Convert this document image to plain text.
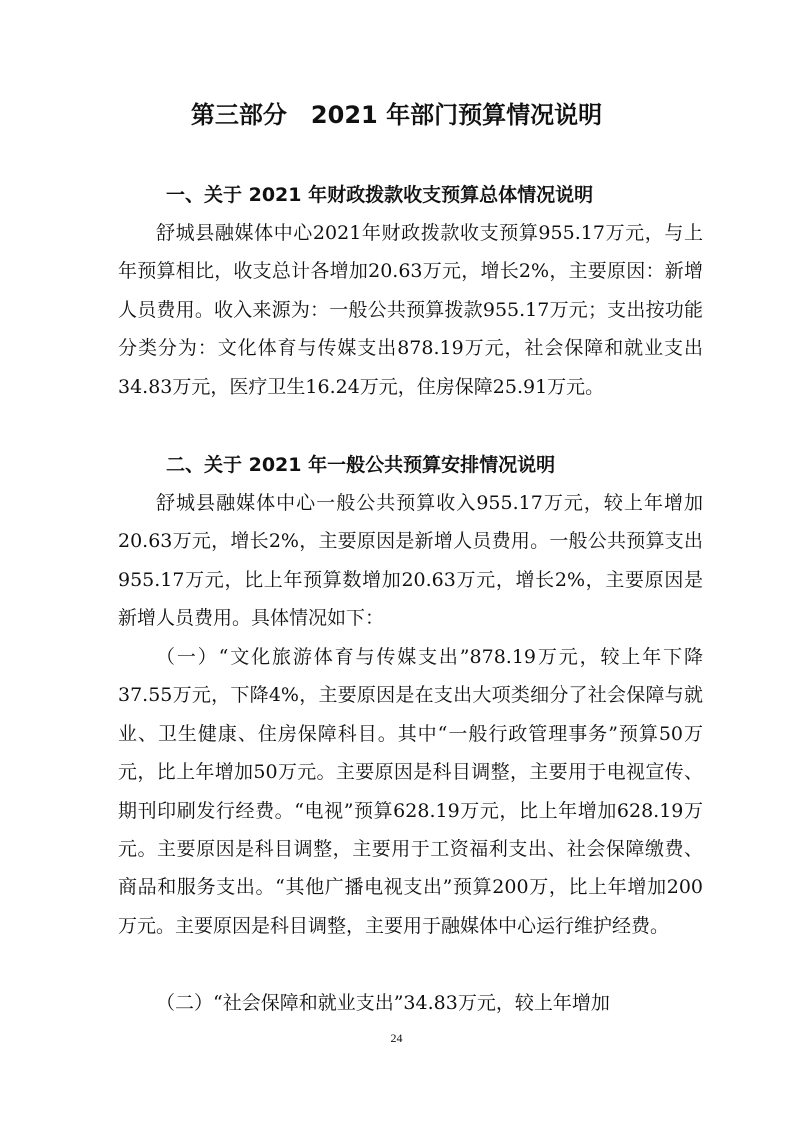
第三部分　2021 年部门预算情况说明
一、关于 2021 年财政拨款收支预算总体情况说明
舒城县融媒体中心2021年财政拨款收支预算955.17万元，与上年预算相比，收支总计各增加20.63万元，增长2%，主要原因：新增人员费用。收入来源为：一般公共预算拨款955.17万元；支出按功能分类分为：文化体育与传媒支出878.19万元，社会保障和就业支出34.83万元，医疗卫生16.24万元，住房保障25.91万元。
二、关于 2021 年一般公共预算安排情况说明
舒城县融媒体中心一般公共预算收入955.17万元，较上年增加20.63万元，增长2%，主要原因是新增人员费用。一般公共预算支出955.17万元，比上年预算数增加20.63万元，增长2%，主要原因是新增人员费用。具体情况如下：
（一）“文化旅游体育与传媒支出”878.19万元，较上年下降37.55万元，下降4%，主要原因是在支出大项类细分了社会保障与就业、卫生健康、住房保障科目。其中“一般行政管理事务”预算50万元，比上年增加50万元。主要原因是科目调整，主要用于电视宣传、期刊印刷发行经费。“电视”预算628.19万元，比上年增加628.19万元。主要原因是科目调整，主要用于工资福利支出、社会保障缴费、商品和服务支出。“其他广播电视支出”预算200万，比上年增加200万元。主要原因是科目调整，主要用于融媒体中心运行维护经费。
（二）“社会保障和就业支出”34.83万元，较上年增加
24
